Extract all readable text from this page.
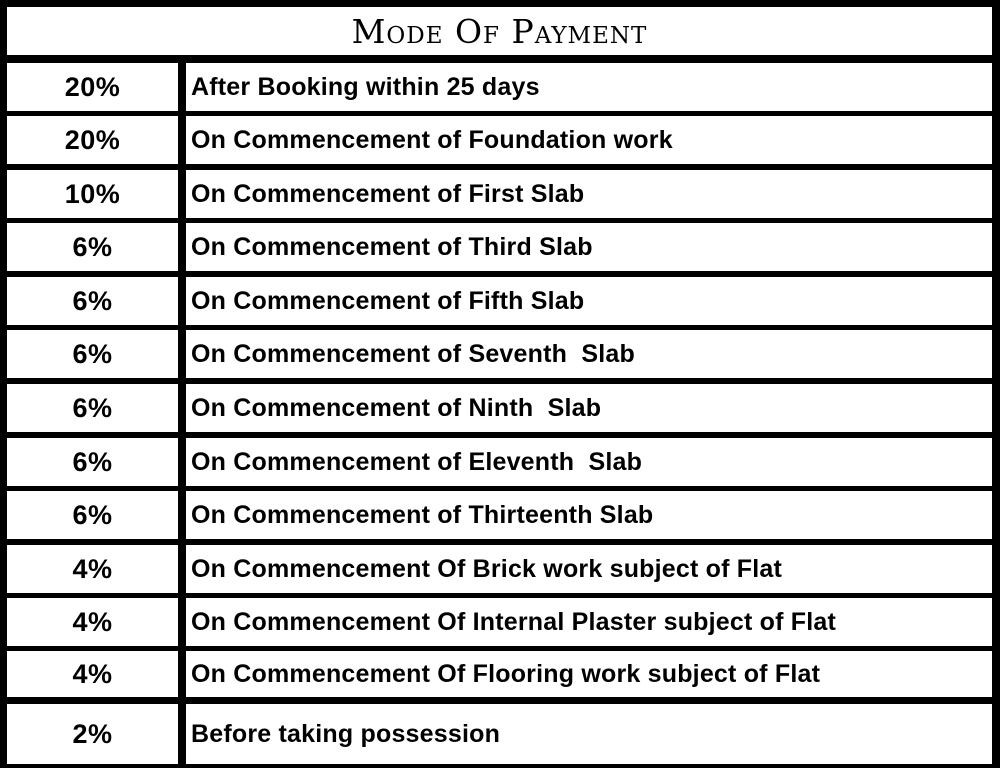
Mode Of Payment
20%	After Booking within 25 days
20%	On Commencement of Foundation work
10%	On Commencement of First Slab
6%	On Commencement of Third Slab
6%	On Commencement of Fifth Slab
6%	On Commencement of Seventh  Slab
6%	On Commencement of Ninth  Slab
6%	On Commencement of Eleventh  Slab
6%	On Commencement of Thirteenth Slab
4%	On Commencement Of Brick work subject of Flat
4%	On Commencement Of Internal Plaster subject of Flat
4%	On Commencement Of Flooring work subject of Flat
2%	Before taking possession
